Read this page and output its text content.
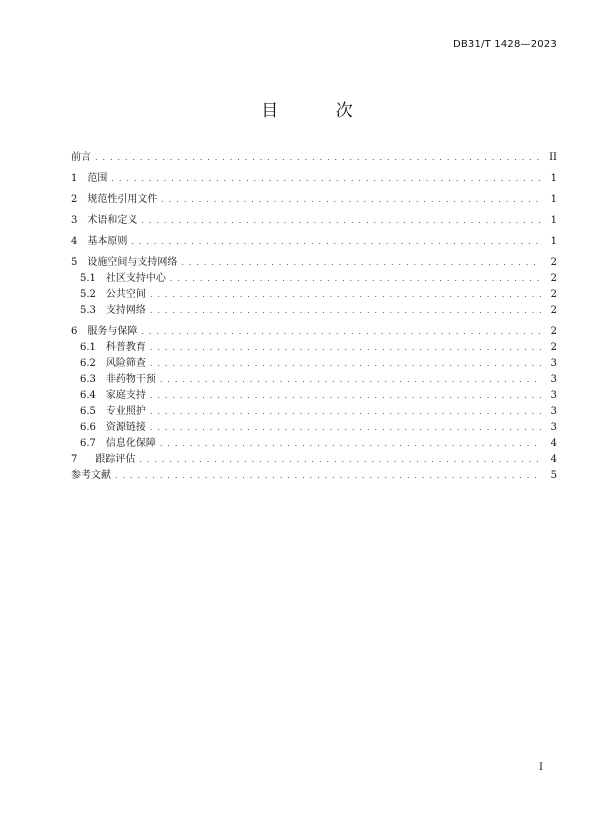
DB31/T 1428—2023
目 次
前言 . . .	II
1	范围 . . .	1
2	规范性引用文件 . . .	1
3	术语和定义 . . .	1
4	基本原则 . . .	1
5	设施空间与支持网络 . . .	2
5.1	社区支持中心 . . .	2
5.2	公共空间 . . .	2
5.3	支持网络 . . .	2
6	服务与保障 . . .	2
6.1	科普教育 . . .	2
6.2	风险筛查 . . .	3
6.3	非药物干预 . . .	3
6.4	家庭支持 . . .	3
6.5	专业照护 . . .	3
6.6	资源链接 . . .	3
6.7	信息化保障 . . .	4
7	跟踪评估 . . .	4
参考文献 . . .	5
I
